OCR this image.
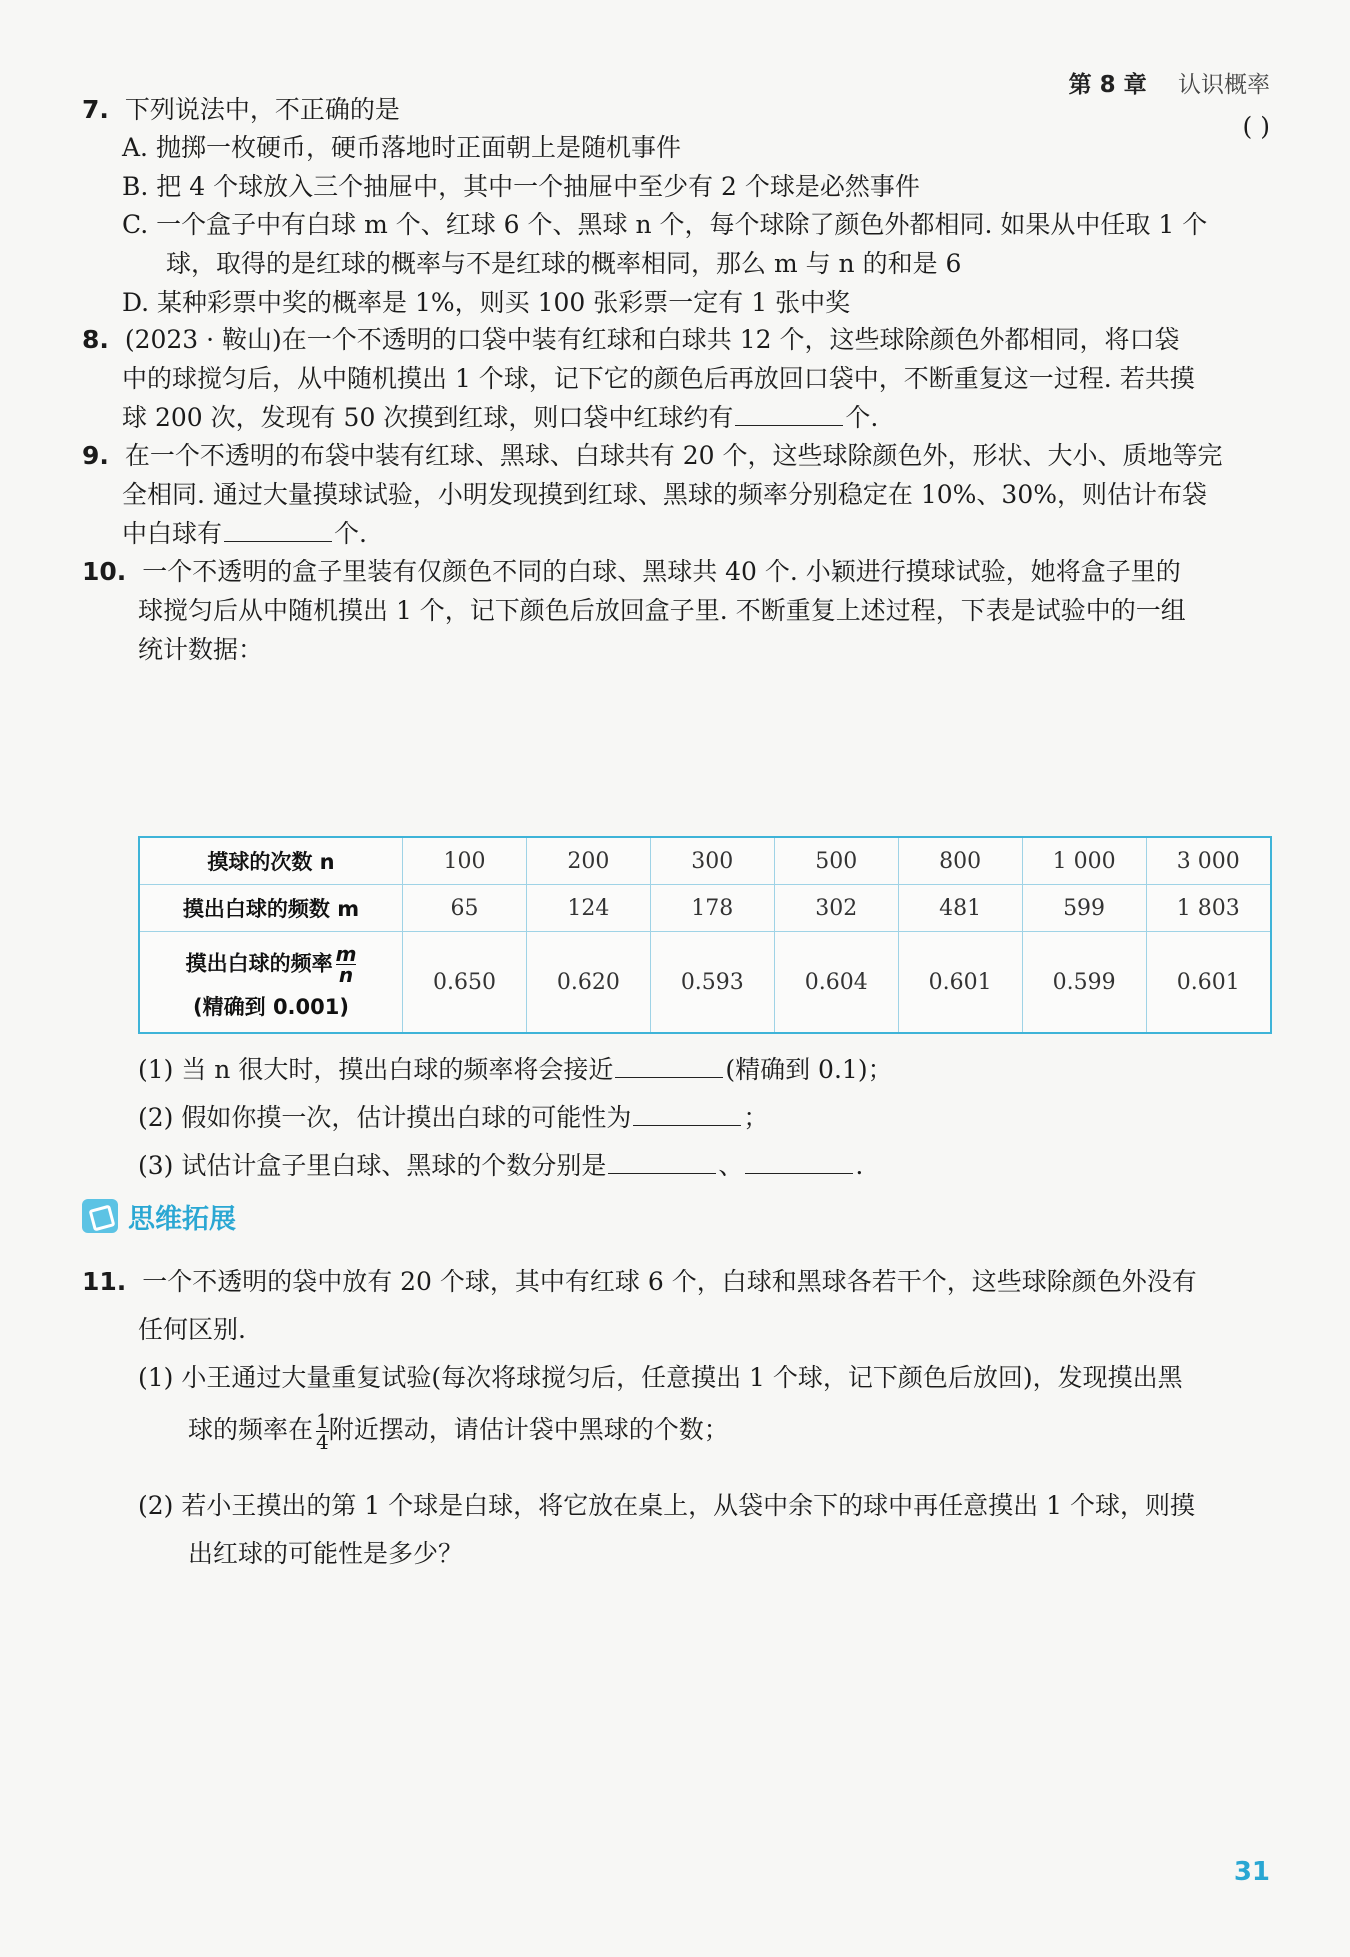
第 8 章 认识概率
7. 下列说法中，不正确的是
( )
A. 抛掷一枚硬币，硬币落地时正面朝上是随机事件
B. 把 4 个球放入三个抽屉中，其中一个抽屉中至少有 2 个球是必然事件
C. 一个盒子中有白球 m 个、红球 6 个、黑球 n 个，每个球除了颜色外都相同. 如果从中任取 1 个
球，取得的是红球的概率与不是红球的概率相同，那么 m 与 n 的和是 6
D. 某种彩票中奖的概率是 1%，则买 100 张彩票一定有 1 张中奖
8. (2023 · 鞍山)在一个不透明的口袋中装有红球和白球共 12 个，这些球除颜色外都相同，将口袋
中的球搅匀后，从中随机摸出 1 个球，记下它的颜色后再放回口袋中，不断重复这一过程. 若共摸
球 200 次，发现有 50 次摸到红球，则口袋中红球约有	个.
9. 在一个不透明的布袋中装有红球、黑球、白球共有 20 个，这些球除颜色外，形状、大小、质地等完
全相同. 通过大量摸球试验，小明发现摸到红球、黑球的频率分别稳定在 10%、30%，则估计布袋
中白球有	个.
10. 一个不透明的盒子里装有仅颜色不同的白球、黑球共 40 个. 小颖进行摸球试验，她将盒子里的
球搅匀后从中随机摸出 1 个，记下颜色后放回盒子里. 不断重复上述过程，下表是试验中的一组
统计数据：
摸球的次数 n	100	200	300	500	800	1 000	3 000
摸出白球的频数 m	65	124	178	302	481	599	1 803

摸出白球的频率 $\frac{m}{n}$
(精确到 0.001)	0.650	0.620	0.593	0.604	0.601	0.599	0.601
(1) 当 n 很大时，摸出白球的频率将会接近	(精确到 0.1)；
(2) 假如你摸一次，估计摸出白球的可能性为	；
(3) 试估计盒子里白球、黑球的个数分别是	、	.
思维拓展
11. 一个不透明的袋中放有 20 个球，其中有红球 6 个，白球和黑球各若干个，这些球除颜色外没有
任何区别.
(1) 小王通过大量重复试验(每次将球搅匀后，任意摸出 1 个球，记下颜色后放回)，发现摸出黑
球的频率在 $\frac{1}{4}$ 附近摆动，请估计袋中黑球的个数；
(2) 若小王摸出的第 1 个球是白球，将它放在桌上，从袋中余下的球中再任意摸出 1 个球，则摸
出红球的可能性是多少？
31
